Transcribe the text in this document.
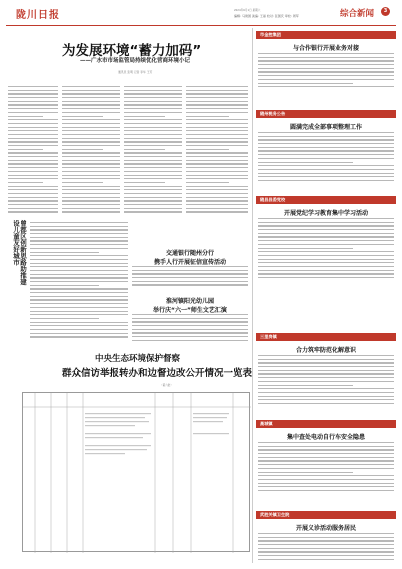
陇川日报	2024年6月1日 星期六
编辑: 马建国 美编: 王丽 校对: 张国庆 审校: 周军	综合新闻	3
为发展环境“蓄力加码”
——广水市市场监管局持续优化营商环境小记
通讯员 张明 记者 李华 王芳
曾都区创新思路助推建设儿童友好城市	交通银行随州分行
携手人行开展征信宣传活动
淮河镇阳光幼儿园
举行庆“六一”师生文艺汇演
中央生态环境保护督察
群众信访举报转办和边督边改公开情况一览表
（第六批）
市金控集团
与合作银行开展业务对接
随州税务公告
圆满完成全部事项整理工作
随县县委党校
开展党纪学习教育集中学习活动
三里岗镇
合力筑牢防范化解意识
高城镇
集中查处电动自行车安全隐患
武胜关镇卫生院
开展义诊活动服务居民
